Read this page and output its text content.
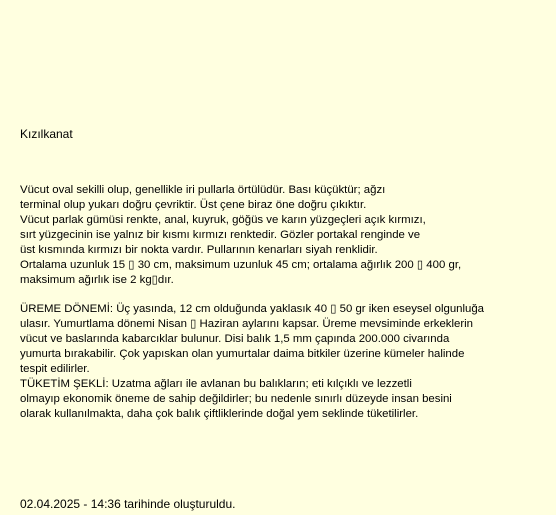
Kızılkanat
Vücut oval sekilli olup, genellikle iri pullarla örtülüdür. Bası küçüktür; ağzı
terminal olup yukarı doğru çevriktir. Üst çene biraz öne doğru çıkıktır.
Vücut parlak gümüsi renkte, anal, kuyruk, göğüs ve karın yüzgeçleri açık kırmızı,
sırt yüzgecinin ise yalnız bir kısmı kırmızı renktedir. Gözler portakal renginde ve
üst kısmında kırmızı bir nokta vardır. Pullarının kenarları siyah renklidir.
Ortalama uzunluk 15 ▯ 30 cm, maksimum uzunluk 45 cm; ortalama ağırlık 200 ▯ 400 gr,
maksimum ağırlık ise 2 kg▯dır.
ÜREME DÖNEMİ: Üç yasında, 12 cm olduğunda yaklasık 40 ▯ 50 gr iken eseysel olgunluğa
ulasır. Yumurtlama dönemi Nisan ▯ Haziran aylarını kapsar. Üreme mevsiminde erkeklerin
vücut ve baslarında kabarcıklar bulunur. Disi balık 1,5 mm çapında 200.000 civarında
yumurta bırakabilir. Çok yapıskan olan yumurtalar daima bitkiler üzerine kümeler halinde
tespit edilirler.
TÜKETİM ŞEKLİ: Uzatma ağları ile avlanan bu balıkların; eti kılçıklı ve lezzetli
olmayıp ekonomik öneme de sahip değildirler; bu nedenle sınırlı düzeyde insan besini
olarak kullanılmakta, daha çok balık çiftliklerinde doğal yem seklinde tüketilirler.
02.04.2025 - 14:36 tarihinde oluşturuldu.
